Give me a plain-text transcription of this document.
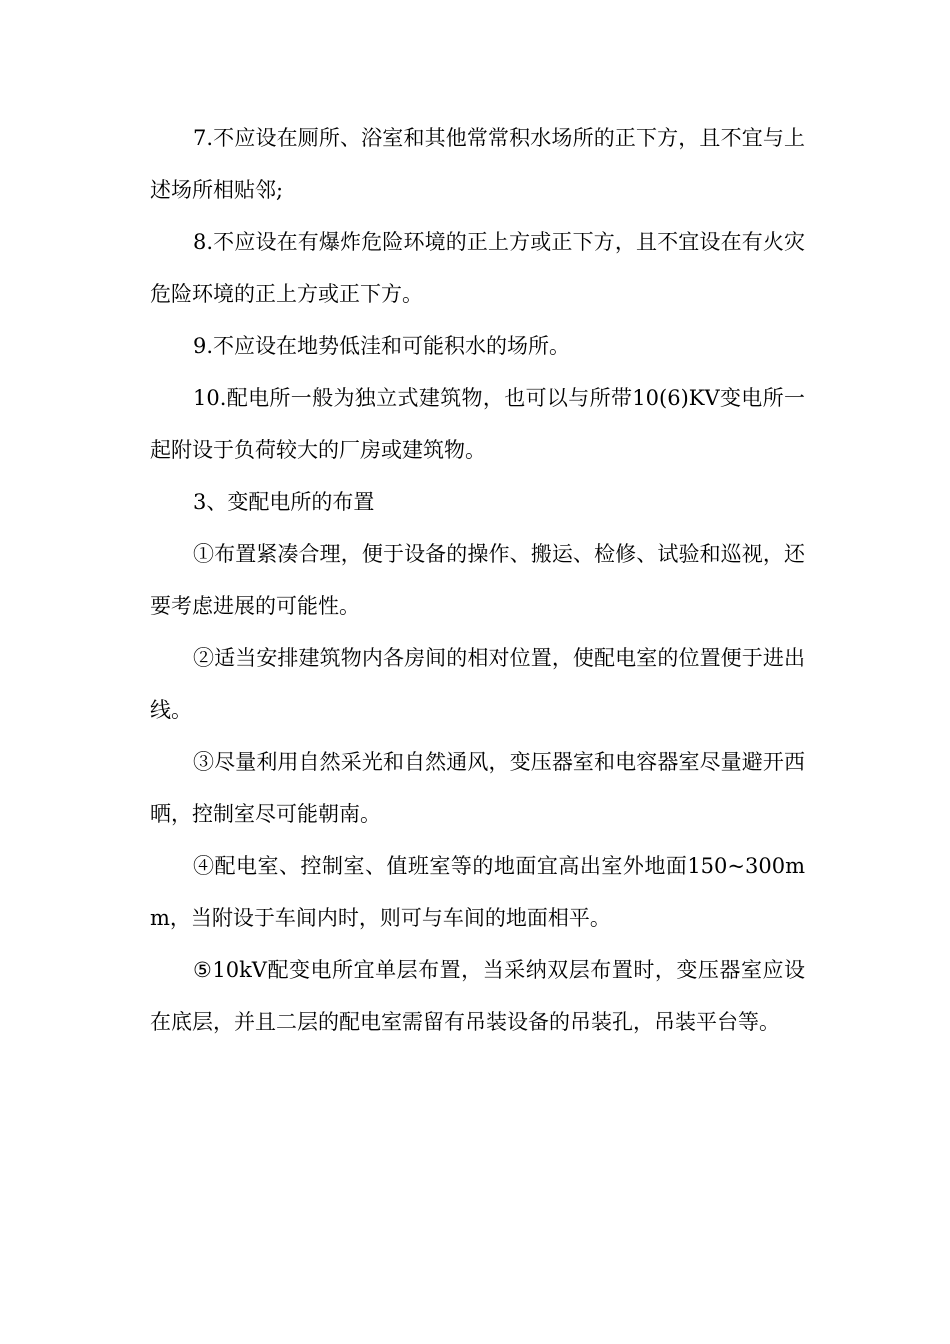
7.不应设在厕所、浴室和其他常常积水场所的正下方，且不宜与上述场所相贴邻;

8.不应设在有爆炸危险环境的正上方或正下方，且不宜设在有火灾危险环境的正上方或正下方。

9.不应设在地势低洼和可能积水的场所。

10.配电所一般为独立式建筑物，也可以与所带10(6)KV变电所一起附设于负荷较大的厂房或建筑物。

3、变配电所的布置

①布置紧凑合理，便于设备的操作、搬运、检修、试验和巡视，还要考虑进展的可能性。

②适当安排建筑物内各房间的相对位置，使配电室的位置便于进出线。

③尽量利用自然采光和自然通风，变压器室和电容器室尽量避开西晒，控制室尽可能朝南。

④配电室、控制室、值班室等的地面宜高出室外地面150~300mm，当附设于车间内时，则可与车间的地面相平。

⑤10kV配变电所宜单层布置，当采纳双层布置时，变压器室应设在底层，并且二层的配电室需留有吊装设备的吊装孔，吊装平台等。
